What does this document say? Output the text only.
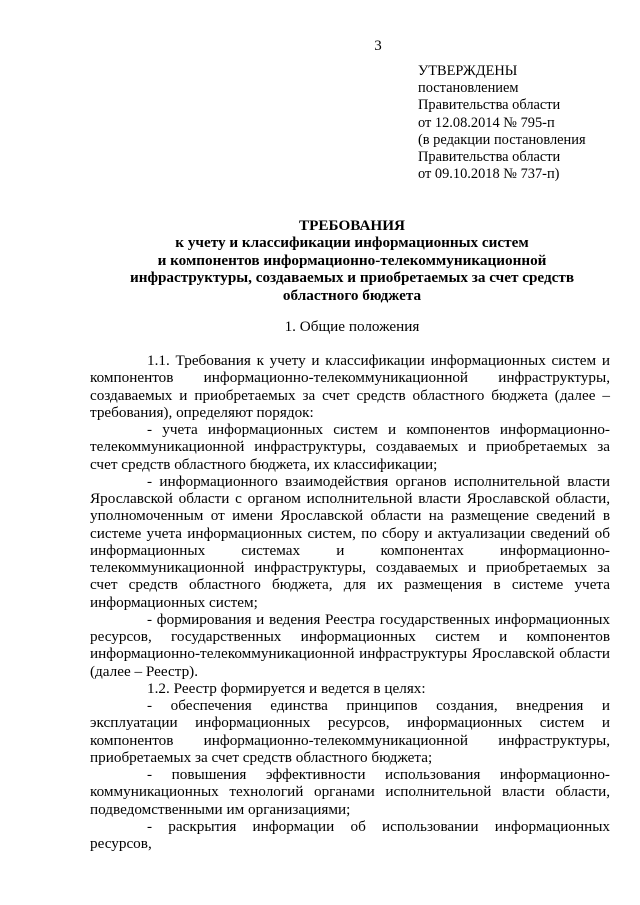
3
УТВЕРЖДЕНЫ
постановлением
Правительства области
от 12.08.2014 № 795-п
(в редакции постановления
Правительства области
от 09.10.2018 № 737-п)
ТРЕБОВАНИЯ
к учету и классификации информационных систем
и компонентов информационно-телекоммуникационной
инфраструктуры, создаваемых и приобретаемых за счет средств
областного бюджета
1. Общие положения

1.1. Требования к учету и классификации информационных систем и компонентов информационно-телекоммуникационной инфраструктуры, создаваемых и приобретаемых за счет средств областного бюджета (далее – требования), определяют порядок:

- учета информационных систем и компонентов информационно-телекоммуникационной инфраструктуры, создаваемых и приобретаемых за счет средств областного бюджета, их классификации;

- информационного взаимодействия органов исполнительной власти Ярославской области с органом исполнительной власти Ярославской области, уполномоченным от имени Ярославской области на размещение сведений в системе учета информационных систем, по сбору и актуализации сведений об информационных системах и компонентах информационно-телекоммуникационной инфраструктуры, создаваемых и приобретаемых за счет средств областного бюджета, для их размещения в системе учета информационных систем;

- формирования и ведения Реестра государственных информационных ресурсов, государственных информационных систем и компонентов информационно-телекоммуникационной инфраструктуры Ярославской области (далее – Реестр).

1.2. Реестр формируется и ведется в целях:

- обеспечения единства принципов создания, внедрения и эксплуатации информационных ресурсов, информационных систем и компонентов информационно-телекоммуникационной инфраструктуры, приобретаемых за счет средств областного бюджета;

- повышения эффективности использования информационно-коммуникационных технологий органами исполнительной власти области, подведомственными им организациями;

- раскрытия информации об использовании информационных ресурсов,
